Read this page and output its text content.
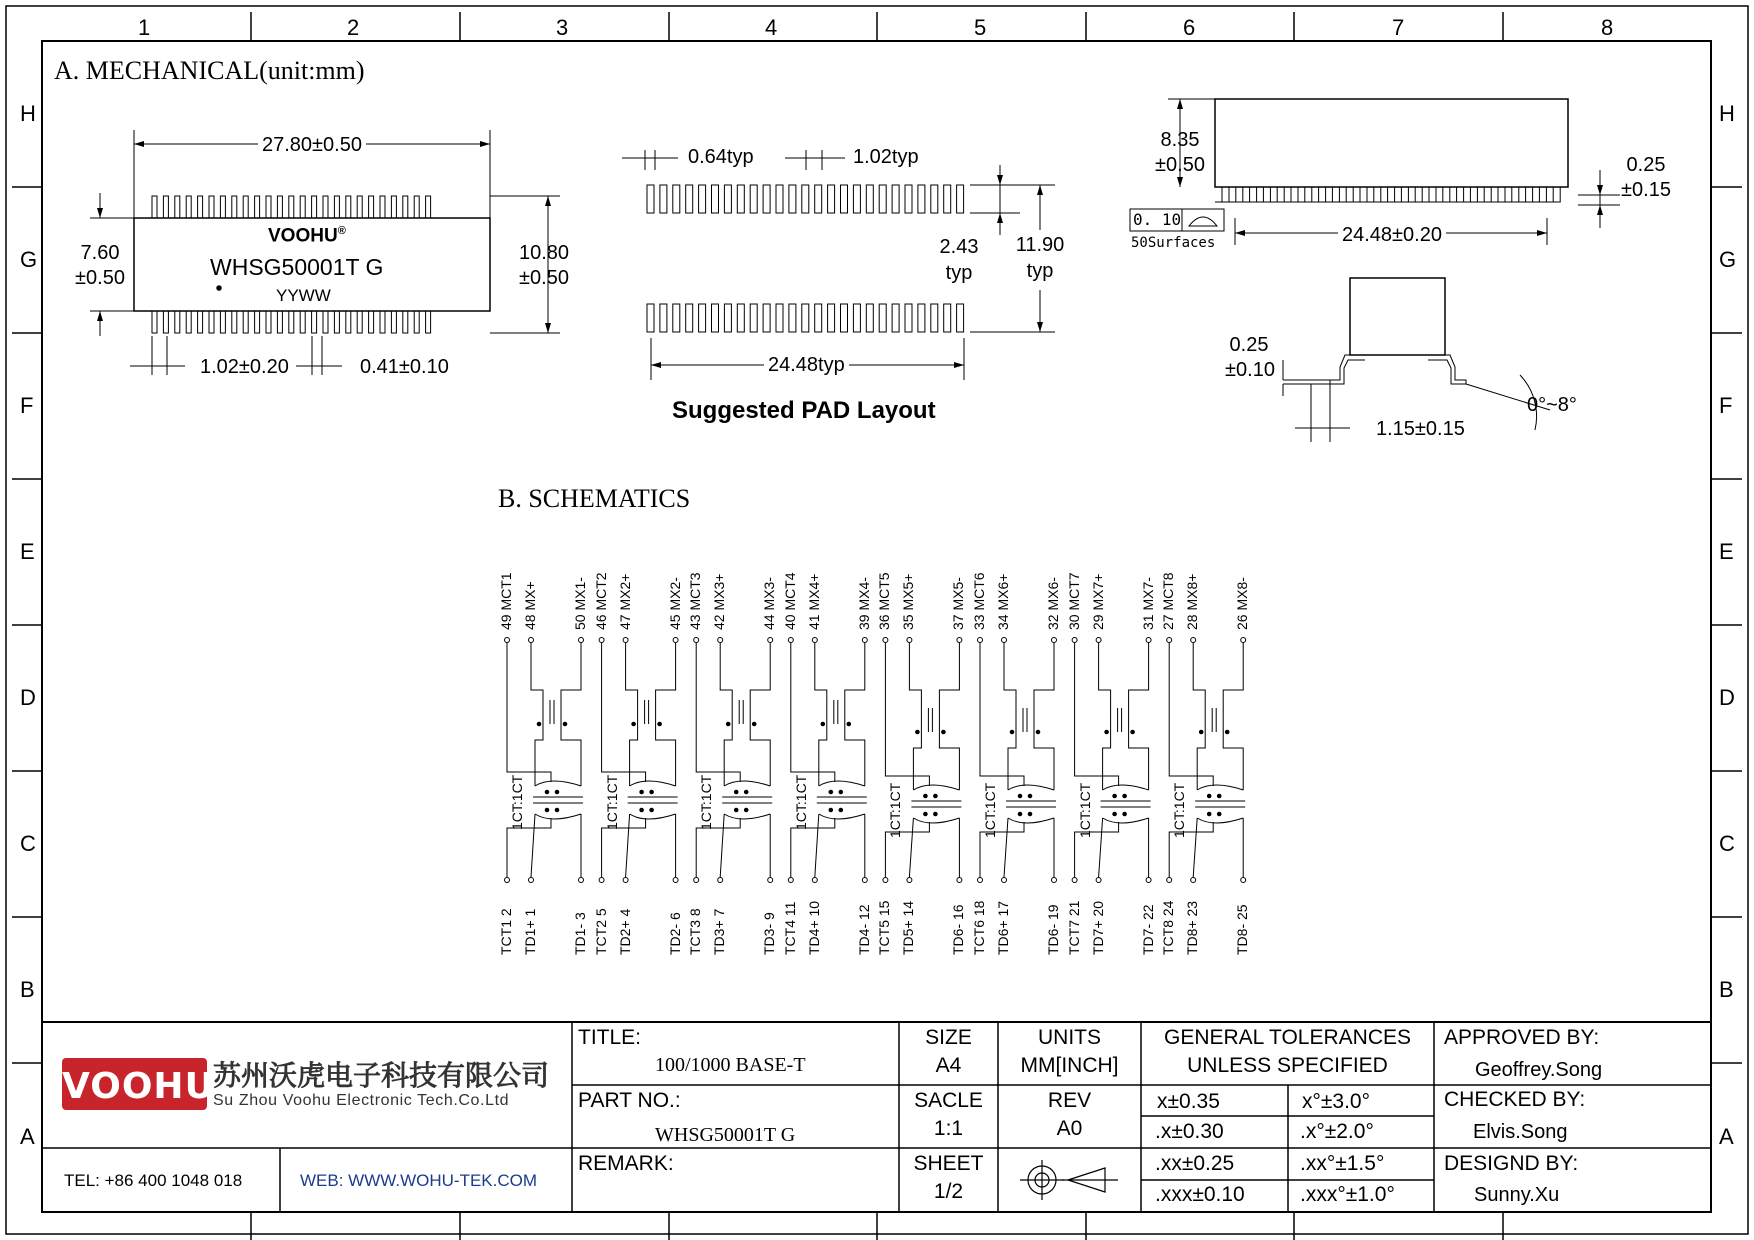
1	2	3	4	5	6	7	8
H
G
F
E
D
C
B
A
H
G
F
E
D
C
B
A
A. MECHANICAL(unit:mm)
27.80±0.50
VOOHU®
WHSG50001T G
YYWW
7.60
±0.50
10.80
±0.50
1.02±0.20	0.41±0.10
0.64typ	1.02typ
2.43
typ
11.90
typ
24.48typ
Suggested PAD Layout
8.35
±0.50	0.25
±0.15
0. 10
50Surfaces	24.48±0.20
0.25
±0.10
1.15±0.15
0°~8°
B. SCHEMATICS
49 MCT1 48 MX+ 50 MX1-
TCT1 2 TD1+ 1 TD1- 3
1CT:1CT
46 MCT2 47 MX2+ 45 MX2-
TCT2 5 TD2+ 4 TD2- 6
1CT:1CT
43 MCT3 42 MX3+ 44 MX3-
TCT3 8 TD3+ 7 TD3- 9
1CT:1CT
40 MCT4 41 MX4+ 39 MX4-
TCT4 11 TD4+ 10 TD4- 12
1CT:1CT
36 MCT5 35 MX5+ 37 MX5-
TCT5 15 TD5+ 14 TD6- 16
1CT:1CT
33 MCT6 34 MX6+ 32 MX6-
TCT6 18 TD6+ 17 TD6- 19
1CT:1CT
30 MCT7 29 MX7+ 31 MX7-
TCT7 21 TD7+ 20 TD7- 22
1CT:1CT
27 MCT8 28 MX8+ 26 MX8-
TCT8 24 TD8+ 23 TD8- 25
1CT:1CT
VOOHU
苏州沃虎电子科技有限公司
Su Zhou Voohu Electronic Tech.Co.Ltd
TEL: +86 400 1048 018	WEB: WWW.WOHU-TEK.COM
TITLE:
100/1000 BASE-T
PART NO.:
WHSG50001T G
REMARK:
SIZE
A4
UNITS
MM[INCH]
SACLE
1:1
REV
A0
SHEET
1/2
GENERAL TOLERANCES
UNLESS SPECIFIED
x±0.35	x°±3.0°
.x±0.30	.x°±2.0°
.xx±0.25	.xx°±1.5°
.xxx±0.10	.xxx°±1.0°
APPROVED BY:
Geoffrey.Song
CHECKED BY:
Elvis.Song
DESIGND BY:
Sunny.Xu
